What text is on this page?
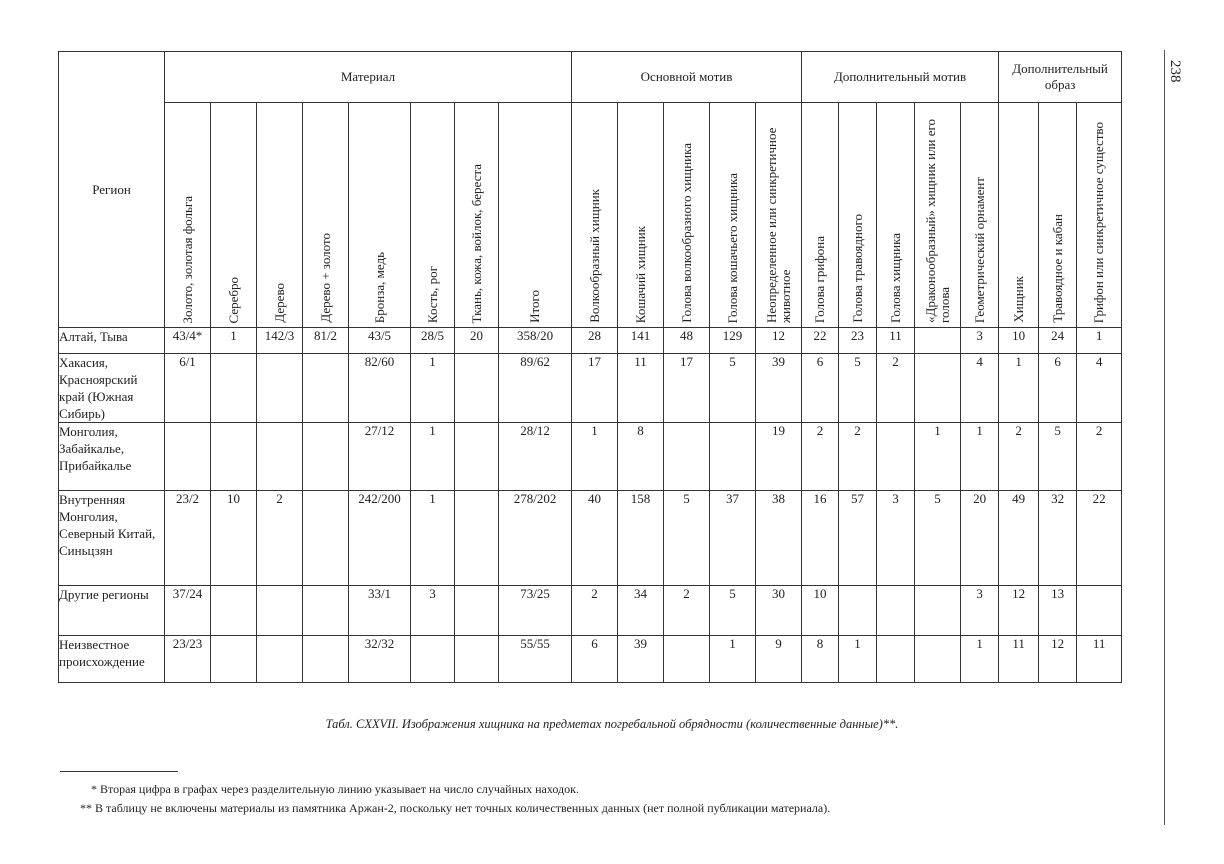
238
Регион	Материал								Основной мотив					Дополнительный мотив					Дополнительный образ		
	Золото, золотая фольга	Серебро	Дерево	Дерево + золото	Бронза, медь	Кость, рог	Ткань, кожа, войлок, береста	Итого	Волкообразный хищник	Кошачий хищник	Голова волкообразного хищника	Голова кошачьего хищника	Неопределенное или синкретичное животное	Голова грифона	Голова травоядного	Голова хищника	«Драконообразный» хищник или его голова	Геометрический орнамент	Хищник	Травоядное и кабан	Грифон или синкретичное существо
Алтай, Тыва	43/4*	1	142/3	81/2	43/5	28/5	20	358/20	28	141	48	129	12	22	23	11		3	10	24	1
Хакасия, Красноярский край (Южная Сибирь)	6/1				82/60	1		89/62	17	11	17	5	39	6	5	2		4	1	6	4
Монголия, Забайкалье, Прибайкалье					27/12	1		28/12	1	8			19	2	2		1	1	2	5	2
Внутренняя Монголия, Северный Китай, Синьцзян	23/2	10	2		242/200	1		278/202	40	158	5	37	38	16	57	3	5	20	49	32	22
Другие регионы	37/24				33/1	3		73/25	2	34	2	5	30	10				3	12	13	
Неизвестное происхождение	23/23				32/32			55/55	6	39		1	9	8	1			1	11	12	11
Табл. CXXVII. Изображения хищника на предметах погребальной обрядности (количественные данные)**.
* Вторая цифра в графах через разделительную линию указывает на число случайных находок.
** В таблицу не включены материалы из памятника Аржан-2, поскольку нет точных количественных данных (нет полной публикации материала).
